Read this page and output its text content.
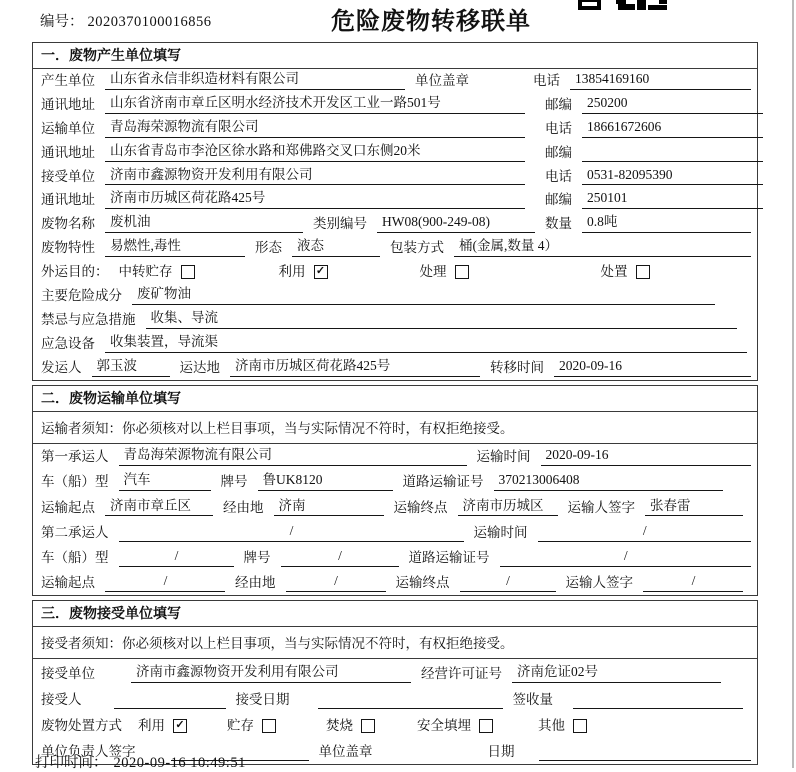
编号： 2020370100016856	危险废物转移联单
一．废物产生单位填写
产生单位	山东省永信非织造材料有限公司	单位盖章	电话	13854169160
通讯地址	山东省济南市章丘区明水经济技术开发区工业一路501号	邮编	250200
运输单位	青岛海荣源物流有限公司	电话	18661672606
通讯地址	山东省青岛市李沧区徐水路和郑佛路交叉口东侧20米	邮编
接受单位	济南市鑫源物资开发利用有限公司	电话	0531-82095390
通讯地址	济南市历城区荷花路425号	邮编	250101
废物名称	废机油	类别编号	HW08(900-249-08)	数量	0.8吨
废物特性	易燃性,毒性	形态	液态	包装方式	桶(金属,数量 4）
外运目的： 中转贮存	利用 ✓	处理	处置
主要危险成分	废矿物油
禁忌与应急措施	收集、导流
应急设备	收集装置，导流渠
发运人	郭玉波	运达地	济南市历城区荷花路425号	转移时间	2020-09-16
二．废物运输单位填写
运输者须知：你必须核对以上栏目事项，当与实际情况不符时，有权拒绝接受。
第一承运人	青岛海荣源物流有限公司	运输时间	2020-09-16
车（船）型	汽车	牌号	鲁UK8120	道路运输证号	370213006408
运输起点	济南市章丘区	经由地	济南	运输终点	济南市历城区	运输人签字	张春雷
第二承运人	/	运输时间	/
车（船）型	/	牌号	/	道路运输证号	/
运输起点	/	经由地	/	运输终点	/	运输人签字	/
三．废物接受单位填写
接受者须知：你必须核对以上栏目事项，当与实际情况不符时，有权拒绝接受。
接受单位	济南市鑫源物资开发利用有限公司	经营许可证号	济南危证02号
接受人	接受日期	签收量
废物处置方式 利用 ✓	贮存	焚烧	安全填埋	其他
单位负责人签字	单位盖章	日期
打印时间： 2020-09-16 10:49:51
